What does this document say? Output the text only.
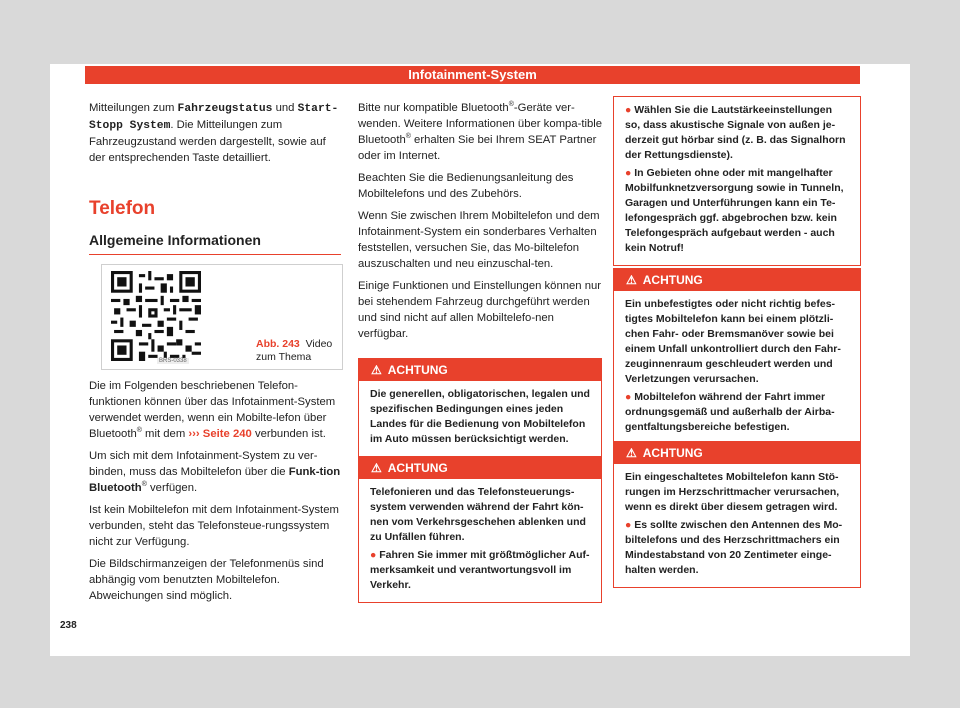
Infotainment-System

Mitteilungen zum Fahrzeugstatus und Start-Stopp System. Die Mitteilungen zum Fahrzeugzustand werden dargestellt, sowie auf der entsprechenden Taste detailliert.

Telefon
Allgemeine Informationen
BRS-0338
Abb. 243 Video zum Thema

Die im Folgenden beschriebenen Telefon-funktionen können über das Infotainment-System verwendet werden, wenn ein Mobilte-lefon über Bluetooth® mit dem ››› Seite 240 verbunden ist.

Um sich mit dem Infotainment-System zu ver-binden, muss das Mobiltelefon über die Funk-tion Bluetooth® verfügen.

Ist kein Mobiltelefon mit dem Infotainment-System verbunden, steht das Telefonsteue-rungssystem nicht zur Verfügung.

Die Bildschirmanzeigen der Telefonmenüs sind abhängig vom benutzten Mobiltelefon. Abweichungen sind möglich.

Bitte nur kompatible Bluetooth®-Geräte ver-wenden. Weitere Informationen über kompa-tible Bluetooth® erhalten Sie bei Ihrem SEAT Partner oder im Internet.

Beachten Sie die Bedienungsanleitung des Mobiltelefons und des Zubehörs.

Wenn Sie zwischen Ihrem Mobiltelefon und dem Infotainment-System ein sonderbares Verhalten feststellen, versuchen Sie, das Mo-biltelefon auszuschalten und neu einzuschal-ten.

Einige Funktionen und Einstellungen können nur bei stehendem Fahrzeug durchgeführt werden und sind nicht auf allen Mobiltelefo-nen verfügbar.

⚠ ACHTUNG

Die generellen, obligatorischen, legalen und spezifischen Bedingungen eines jeden Landes für die Bedienung von Mobiltelefon im Auto müssen berücksichtigt werden.

⚠ ACHTUNG

Telefonieren und das Telefonsteuerungs-system verwenden während der Fahrt kön-nen vom Verkehrsgeschehen ablenken und zu Unfällen führen.

● Fahren Sie immer mit größtmöglicher Auf-merksamkeit und verantwortungsvoll im Verkehr.

● Wählen Sie die Lautstärkeeinstellungen so, dass akustische Signale von außen je-derzeit gut hörbar sind (z. B. das Signalhorn der Rettungsdienste).

● In Gebieten ohne oder mit mangelhafter Mobilfunknetzversorgung sowie in Tunneln, Garagen und Unterführungen kann ein Te-lefongespräch ggf. abgebrochen bzw. kein Telefongespräch aufgebaut werden - auch kein Notruf!

⚠ ACHTUNG

Ein unbefestigtes oder nicht richtig befes-tigtes Mobiltelefon kann bei einem plötzli-chen Fahr- oder Bremsmanöver sowie bei einem Unfall unkontrolliert durch den Fahr-zeuginnenraum geschleudert werden und Verletzungen verursachen.

● Mobiltelefon während der Fahrt immer ordnungsgemäß und außerhalb der Airba-gentfaltungsbereiche befestigen.

⚠ ACHTUNG

Ein eingeschaltetes Mobiltelefon kann Stö-rungen im Herzschrittmacher verursachen, wenn es direkt über diesem getragen wird.

● Es sollte zwischen den Antennen des Mo-biltelefons und des Herzschrittmachers ein Mindestabstand von 20 Zentimeter einge-halten werden.

238
